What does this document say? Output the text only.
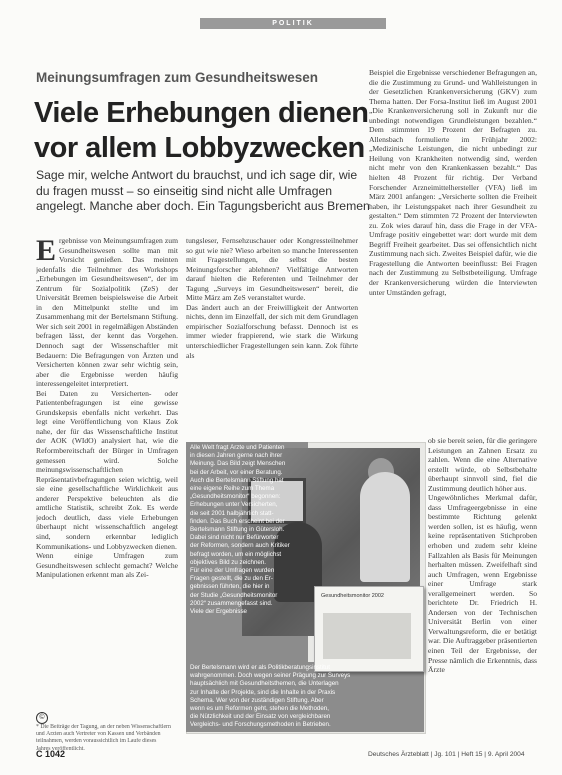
POLITIK
Meinungsumfragen zum Gesundheitswesen
Viele Erhebungen dienen
vor allem Lobbyzwecken
Sage mir, welche Antwort du brauchst, und ich sage dir, wie
du fragen musst – so einseitig sind nicht alle Umfragen
angelegt. Manche aber doch. Ein Tagungsbericht aus Bremen

Ergebnisse von Meinungsumfragen zum Gesundheitswesen sollte man mit Vorsicht genießen. Das meinten jedenfalls die Teilnehmer des Workshops „Erhebungen im Gesundheitswesen“, der im Zentrum für Sozialpolitik (ZeS) der Universität Bremen beispielsweise die Arbeit in den Mittelpunkt stellte und im Zusammenhang mit der Bertelsmann Stiftung. Wer sich seit 2001 in regelmäßigen Abständen befragen lässt, der kennt das Vorgehen. Dennoch sagt der Wissenschaftler mit Bedauern: Die Befragungen von Ärzten und Versicherten können zwar sehr wichtig sein, aber die Ergebnisse werden häufig interessengeleitet interpretiert.

Bei Daten zu Versicherten- oder Patientenbefragungen ist eine gewisse Grundskepsis ebenfalls nicht verkehrt. Das legt eine Veröffentlichung von Klaus Zok nahe, der für das Wissenschaftliche Institut der AOK (WIdO) analysiert hat, wie die Reformbereitschaft der Bürger in Umfragen gemessen wird. Solche meinungswissenschaftlichen Repräsentativbefragungen seien wichtig, weil sie eine gesellschaftliche Wirklichkeit aus anderer Perspektive beleuchten als die amtliche Statistik, schreibt Zok. Es werde jedoch deutlich, dass viele Erhebungen überhaupt nicht wissenschaftlich angelegt sind, sondern erkennbar lediglich Kommunikations- und Lobbyzwecken dienen.

Wenn einige Umfragen zum Gesundheitswesen schlecht gemacht? Welche Manipulationen erkennt man als Zei-

tungsleser, Fernsehzuschauer oder Kongressteilnehmer so gut wie nie? Wieso arbeiten so manche Interessenten mit Fragestellungen, die selbst die besten Meinungsforscher ablehnen? Vielfältige Antworten darauf hielten die Referenten und Teilnehmer der Tagung „Surveys im Gesundheitswesen“ bereit, die Mitte März am ZeS veranstaltet wurde.

Das ändert auch an der Freiwilligkeit der Antworten nichts, denn im Einzelfall, der sich mit dem Grundlagen empirischer Sozialforschung befasst. Dennoch ist es immer wieder frappierend, wie stark die Wirkung unterschiedlicher Fragestellungen sein kann. Zok führte als

Beispiel die Ergebnisse verschiedener Befragungen an, die die Zustimmung zu Grund- und Wahlleistungen in der Gesetzlichen Krankenversicherung (GKV) zum Thema hatten. Der Forsa-Institut ließ im August 2001 „Die Krankenversicherung soll in Zukunft nur die unbedingt notwendigen Grundleistungen bezahlen.“ Dem stimmten 19 Prozent der Befragten zu. Allensbach formulierte im Frühjahr 2002: „Medizinische Leistungen, die nicht unbedingt zur Heilung von Krankheiten notwendig sind, werden nicht mehr von den Krankenkassen bezahlt.“ Das hielten 48 Prozent für richtig. Der Verband Forschender Arzneimittelhersteller (VFA) ließ im März 2001 anfangen: „Versicherte sollten die Freiheit haben, ihr Leistungspaket nach ihrer Gesundheit zu gestalten.“ Dem stimmten 72 Prozent der Interviewten zu. Zok wies darauf hin, dass die Frage in der VFA-Umfrage positiv eingebettet war: dort wurde mit dem Begriff Freiheit gearbeitet. Das sei offensichtlich nicht Zustimmung nach sich. Zweites Beispiel dafür, wie die Fragestellung die Antworten beeinflusst: Bei Fragen nach der Zustimmung zu Selbstbeteiligung. Umfrage der Krankenversicherung würden die Interviewten unter Umständen gefragt,

ob sie bereit seien, für die geringere Leistungen an Zahnen Ersatz zu zahlen. Wenn die eine Alternative erstellt würde, ob Selbstbehalte überhaupt sinnvoll sind, fiel die Zustimmung deutlich höher aus.

Ungewöhnliches Merkmal dafür, dass Umfrageergebnisse in eine bestimmte Richtung gelenkt werden sollen, ist es häufig, wenn keine repräsentativen Stichproben erhoben und zudem sehr kleine Fallzahlen als Basis für Meinungen herhalten müssen. Zweifelhaft sind auch Umfragen, wenn Ergebnisse einer Umfrage stark verallgemeinert werden. So berichtete Dr. Friedrich H. Andersen von der Technischen Universität Berlin von einer Verwaltungsreform, die er betätigt war. Die Auftraggeber präsentierten einen Teil der Ergebnisse, der Presse nämlich die Erkenntnis, dass Ärzte

Gesundheitsmonitor 2002
Alle Welt fragt Ärzte und Patienten
in diesen Jahren gerne nach ihrer
Meinung. Das Bild zeigt Menschen
bei der Arbeit, vor einer Beratung.
Auch die Bertelsmann Stiftung hat
eine eigene Reihe zum Thema
„Gesundheitsmonitor“ begonnen:
Erhebungen unter Versicherten,
die seit 2001 halbjährlich statt-
finden. Das Buch erscheint bei der
Bertelsmann Stiftung in Gütersloh.
Dabei sind nicht nur Befürworter
der Reformen, sondern auch Kritiker
befragt worden, um ein möglichst
objektives Bild zu zeichnen.
Für eine der Umfragen wurden
Fragen gestellt, die zu den Er-
gebnissen führten, die hier in
der Studie „Gesundheitsmonitor
2002“ zusammengefasst sind.
Viele der Ergebnisse
Der Bertelsmann wird er als Politikberatungsinstitut
wahrgenommen. Doch wegen seiner Prägung zur Surveys
hauptsächlich mit Gesundheitsthemen, die Unterlagen
zur Inhalte der Projekte, sind die Inhalte in der Praxis
Schema. Wer von der zuständigen Stiftung. Aber
wenn es um Reformen geht, stehen die Methoden,
die Nützlichkeit und der Einsatz von vergleichbaren
Vergleichs- und Forschungsmethoden in Betrieben.
©
* Die Beiträge der Tagung, an der neben Wissenschaftlern
und Ärzten auch Vertreter von Kassen und Verbänden
teilnahmen, werden voraussichtlich im Laufe dieses
Jahres veröffentlicht.
C 1042	Deutsches Ärzteblatt | Jg. 101 | Heft 15 | 9. April 2004
